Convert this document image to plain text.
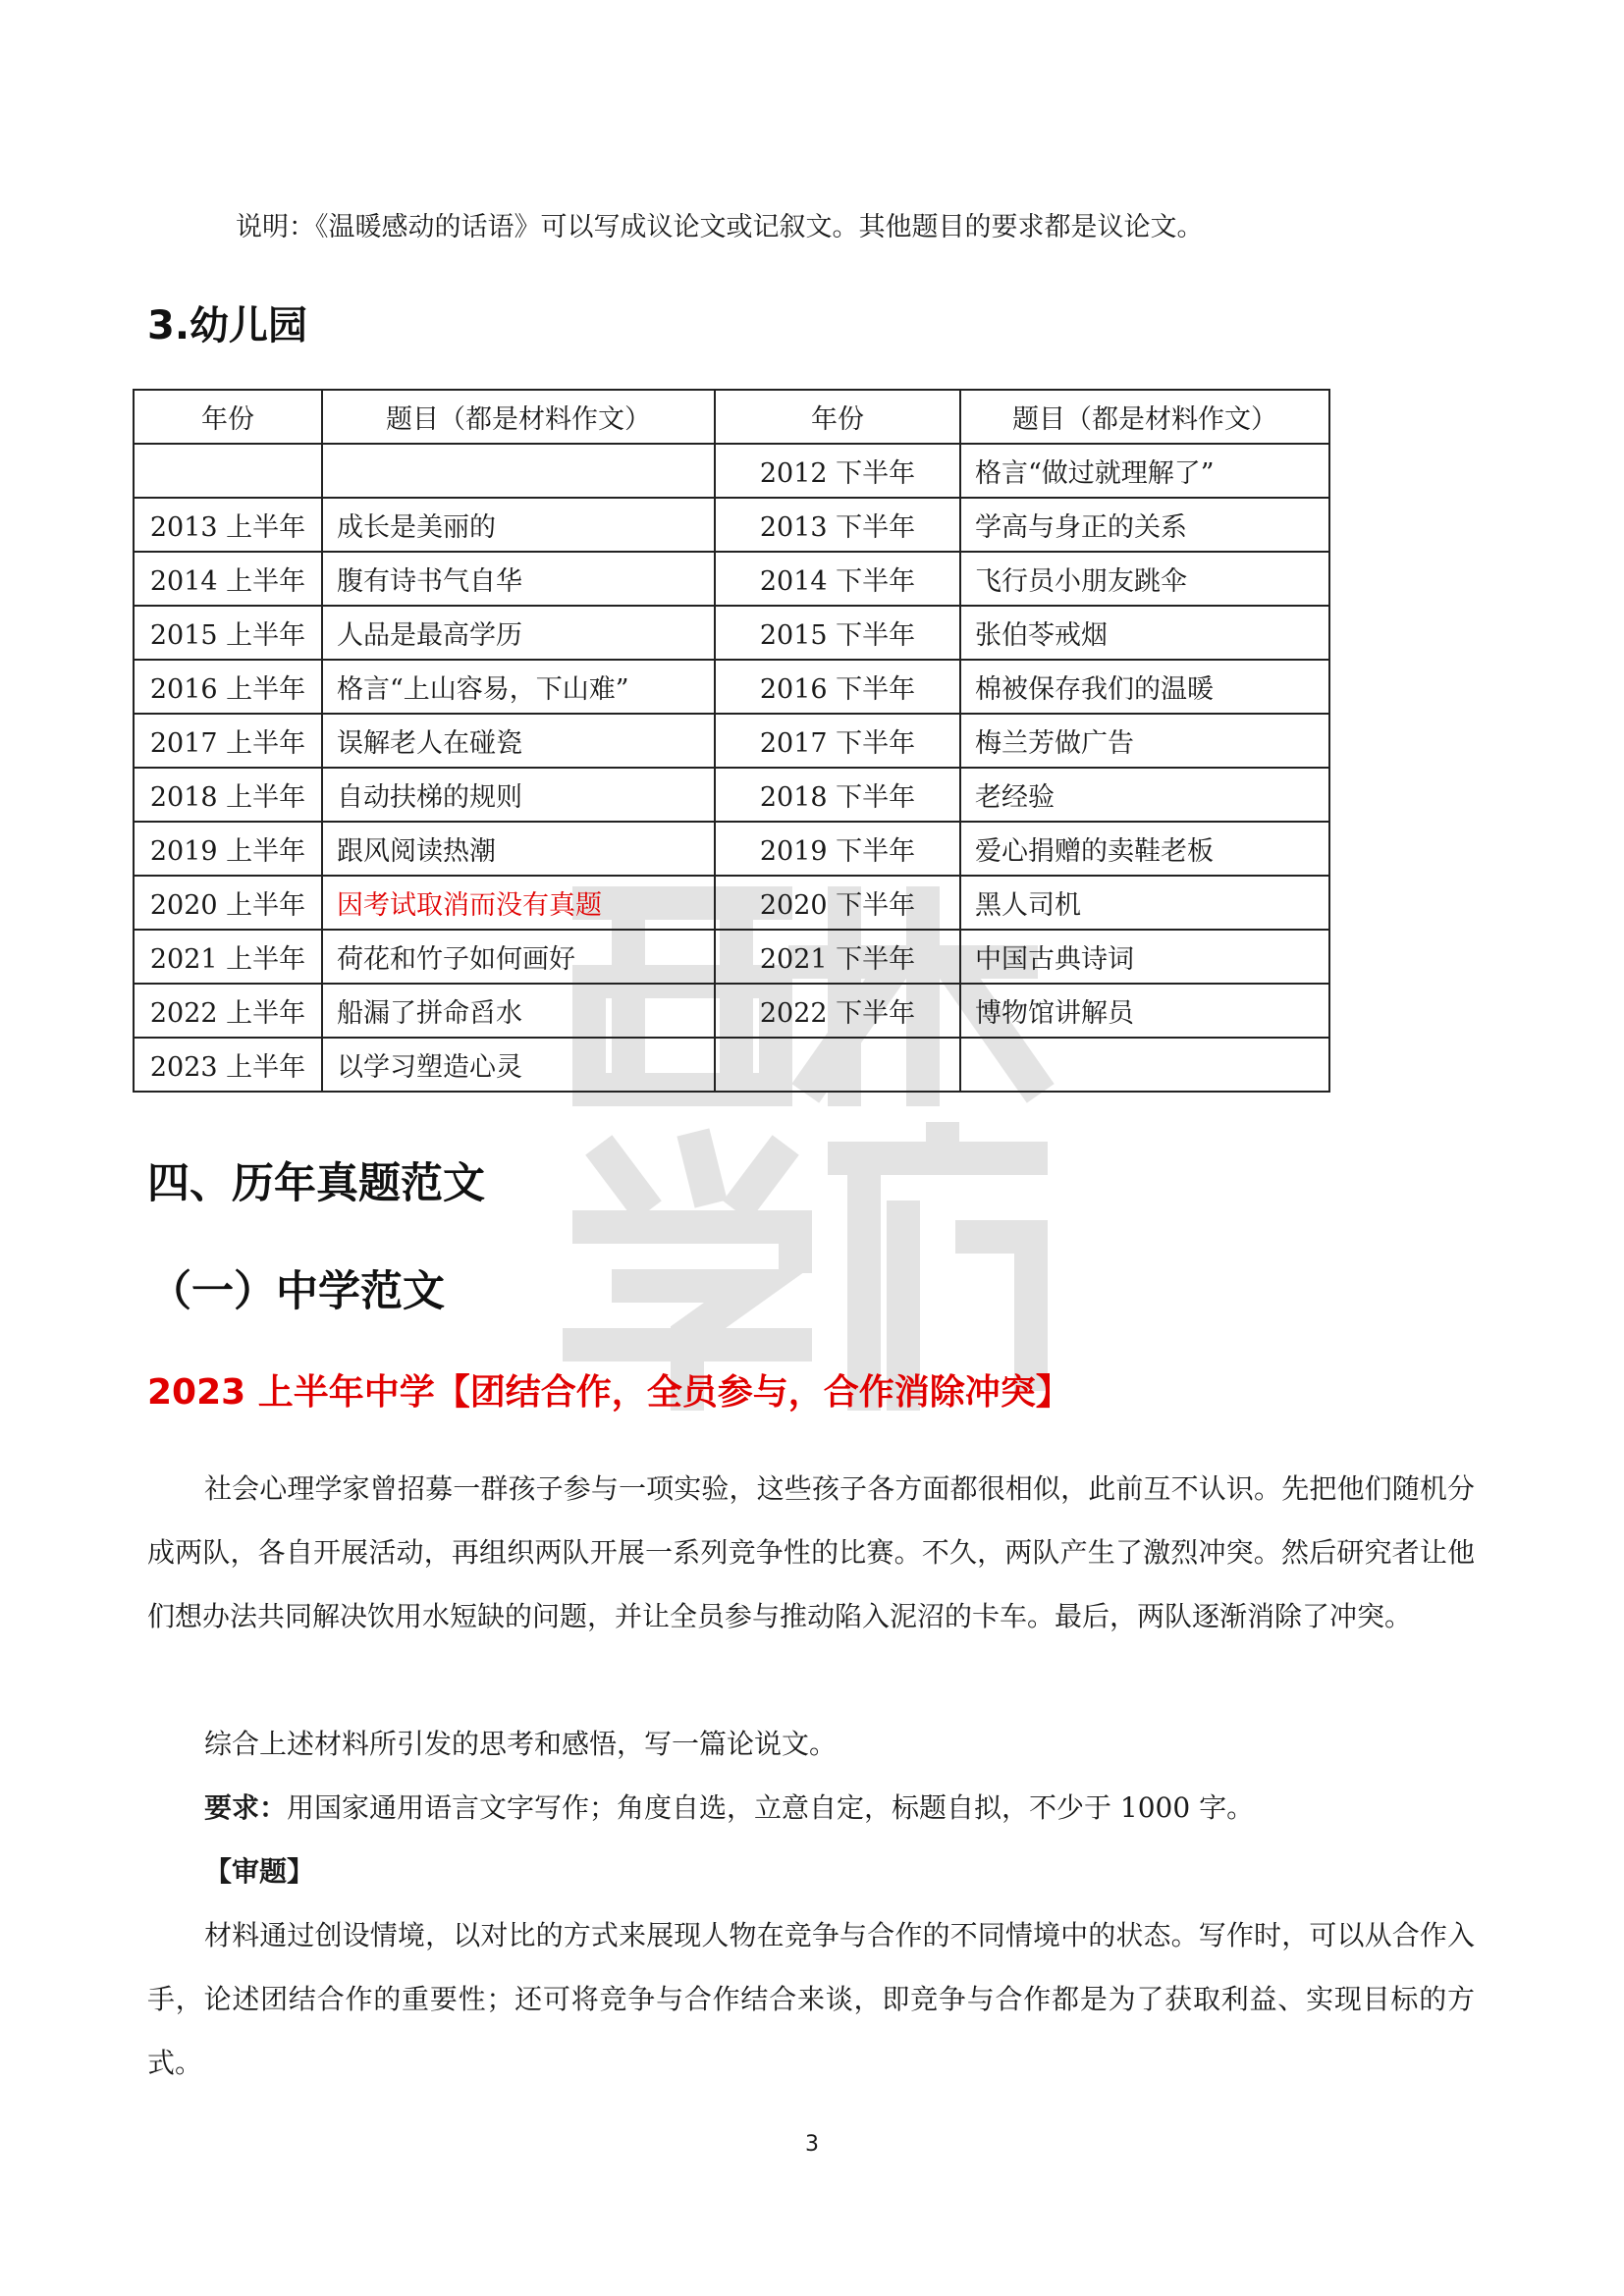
说明：《温暖感动的话语》可以写成议论文或记叙文。其他题目的要求都是议论文。
3.幼儿园
年份	题目（都是材料作文）	年份	题目（都是材料作文）
		2012 下半年	格言“做过就理解了”
2013 上半年	成长是美丽的	2013 下半年	学高与身正的关系
2014 上半年	腹有诗书气自华	2014 下半年	飞行员小朋友跳伞
2015 上半年	人品是最高学历	2015 下半年	张伯苓戒烟
2016 上半年	格言“上山容易，下山难”	2016 下半年	棉被保存我们的温暖
2017 上半年	误解老人在碰瓷	2017 下半年	梅兰芳做广告
2018 上半年	自动扶梯的规则	2018 下半年	老经验
2019 上半年	跟风阅读热潮	2019 下半年	爱心捐赠的卖鞋老板
2020 上半年	因考试取消而没有真题	2020 下半年	黑人司机
2021 上半年	荷花和竹子如何画好	2021 下半年	中国古典诗词
2022 上半年	船漏了拼命舀水	2022 下半年	博物馆讲解员
2023 上半年	以学习塑造心灵		
四、历年真题范文
（一）中学范文
2023 上半年中学【团结合作，全员参与，合作消除冲突】
社会心理学家曾招募一群孩子参与一项实验，这些孩子各方面都很相似，此前互不认识。先把他们随机分成两队，各自开展活动，再组织两队开展一系列竞争性的比赛。不久，两队产生了激烈冲突。然后研究者让他们想办法共同解决饮用水短缺的问题，并让全员参与推动陷入泥沼的卡车。最后，两队逐渐消除了冲突。
综合上述材料所引发的思考和感悟，写一篇论说文。
要求：用国家通用语言文字写作；角度自选，立意自定，标题自拟，不少于 1000 字。
【审题】
材料通过创设情境，以对比的方式来展现人物在竞争与合作的不同情境中的状态。写作时，可以从合作入手，论述团结合作的重要性；还可将竞争与合作结合来谈，即竞争与合作都是为了获取利益、实现目标的方式。
3
